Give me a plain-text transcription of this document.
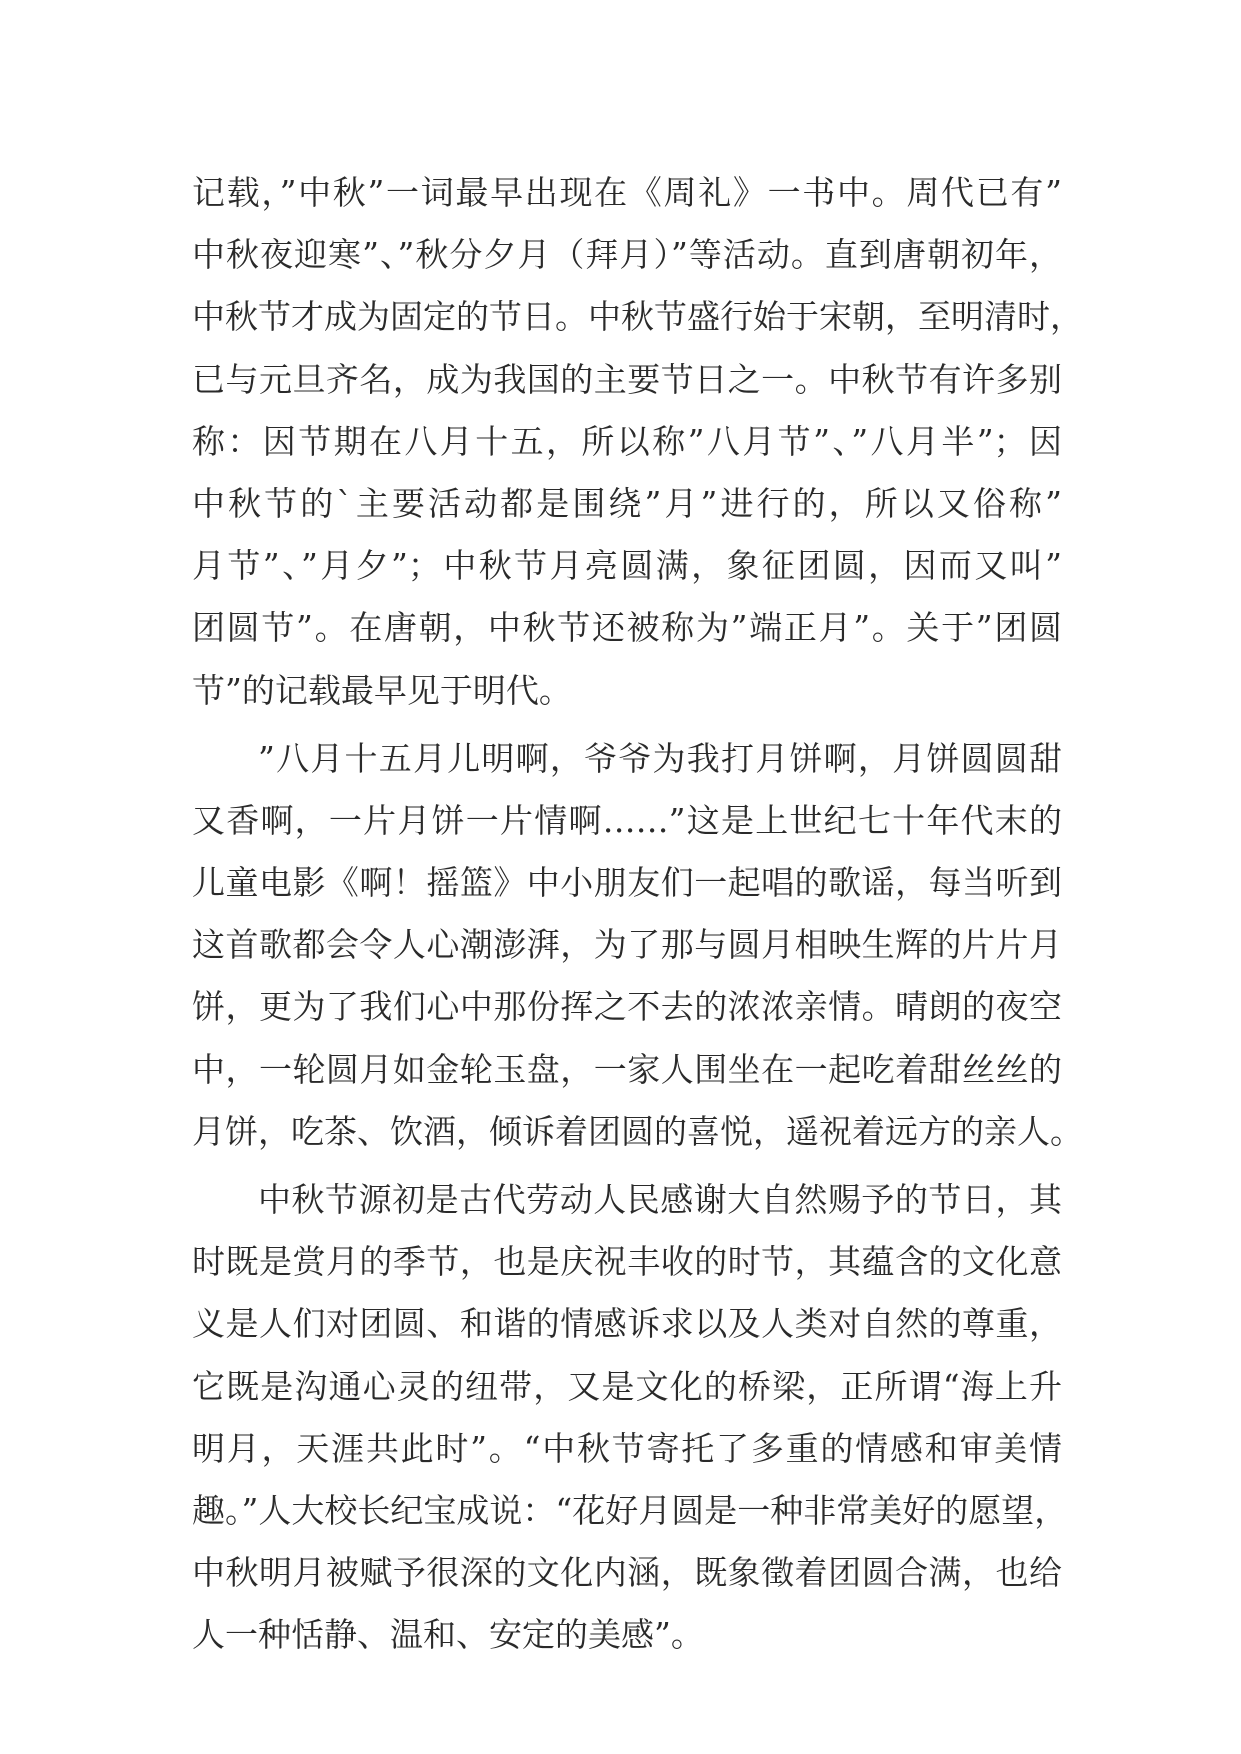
记载，”中秋”一词最早出现在《周礼》一书中。周代已有”
中秋夜迎寒”、”秋分夕月（拜月）”等活动。直到唐朝初年，
中秋节才成为固定的节日。中秋节盛行始于宋朝，至明清时，
已与元旦齐名，成为我国的主要节日之一。中秋节有许多别
称：因节期在八月十五，所以称”八月节”、”八月半”；因
中秋节的`主要活动都是围绕”月”进行的，所以又俗称”
月节”、”月夕”；中秋节月亮圆满，象征团圆，因而又叫”
团圆节”。在唐朝，中秋节还被称为”端正月”。关于”团圆
节”的记载最早见于明代。
”八月十五月儿明啊，爷爷为我打月饼啊，月饼圆圆甜
又香啊，一片月饼一片情啊……”这是上世纪七十年代末的
儿童电影《啊！摇篮》中小朋友们一起唱的歌谣，每当听到
这首歌都会令人心潮澎湃，为了那与圆月相映生辉的片片月
饼，更为了我们心中那份挥之不去的浓浓亲情。晴朗的夜空
中，一轮圆月如金轮玉盘，一家人围坐在一起吃着甜丝丝的
月饼，吃茶、饮酒，倾诉着团圆的喜悦，遥祝着远方的亲人。
中秋节源初是古代劳动人民感谢大自然赐予的节日，其
时既是赏月的季节，也是庆祝丰收的时节，其蕴含的文化意
义是人们对团圆、和谐的情感诉求以及人类对自然的尊重，
它既是沟通心灵的纽带，又是文化的桥梁，正所谓“海上升
明月，天涯共此时”。“中秋节寄托了多重的情感和审美情
趣。”人大校长纪宝成说：“花好月圆是一种非常美好的愿望，
中秋明月被赋予很深的文化内涵，既象徵着团圆合满，也给
人一种恬静、温和、安定的美感”。
